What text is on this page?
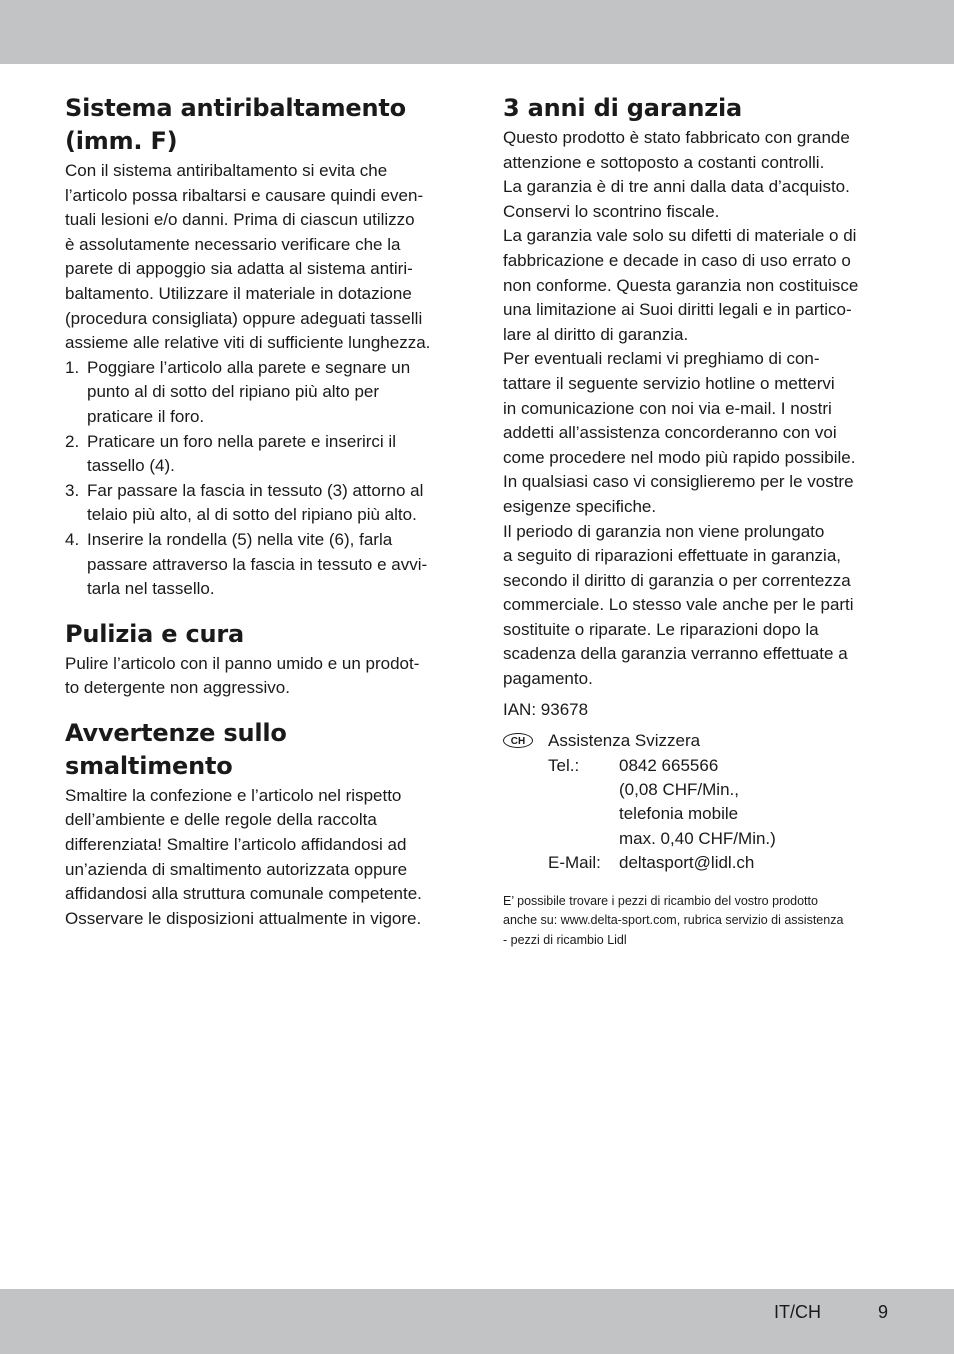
Sistema antiribaltamento
(imm. F)

Con il sistema antiribaltamento si evita che
l’articolo possa ribaltarsi e causare quindi even-
tuali lesioni e/o danni. Prima di ciascun utilizzo
è assolutamente necessario verificare che la
parete di appoggio sia adatta al sistema antiri-
baltamento. Utilizzare il materiale in dotazione
(procedura consigliata) oppure adeguati tasselli
assieme alle relative viti di sufficiente lunghezza.

1. Poggiare l’articolo alla parete e segnare un
punto al di sotto del ripiano più alto per
praticare il foro.
2. Praticare un foro nella parete e inserirci il
tassello (4).
3. Far passare la fascia in tessuto (3) attorno al
telaio più alto, al di sotto del ripiano più alto.
4. Inserire la rondella (5) nella vite (6), farla
passare attraverso la fascia in tessuto e avvi-
tarla nel tassello.
Pulizia e cura

Pulire l’articolo con il panno umido e un prodot-
to detergente non aggressivo.

Avvertenze sullo smaltimento

Smaltire la confezione e l’articolo nel rispetto
dell’ambiente e delle regole della raccolta
differenziata! Smaltire l’articolo affidandosi ad
un’azienda di smaltimento autorizzata oppure
affidandosi alla struttura comunale competente.
Osservare le disposizioni attualmente in vigore.

3 anni di garanzia

Questo prodotto è stato fabbricato con grande
attenzione e sottoposto a costanti controlli.
La garanzia è di tre anni dalla data d’acquisto.
Conservi lo scontrino fiscale.
La garanzia vale solo su difetti di materiale o di
fabbricazione e decade in caso di uso errato o
non conforme. Questa garanzia non costituisce
una limitazione ai Suoi diritti legali e in partico-
lare al diritto di garanzia.
Per eventuali reclami vi preghiamo di con-
tattare il seguente servizio hotline o mettervi
in comunicazione con noi via e-mail. I nostri
addetti all’assistenza concorderanno con voi
come procedere nel modo più rapido possibile.
In qualsiasi caso vi consiglieremo per le vostre
esigenze specifiche.
Il periodo di garanzia non viene prolungato
a seguito di riparazioni effettuate in garanzia,
secondo il diritto di garanzia o per correntezza
commerciale. Lo stesso vale anche per le parti
sostituite o riparate. Le riparazioni dopo la
scadenza della garanzia verranno effettuate a
pagamento.

IAN: 93678

CH	Assistenza Svizzera
Tel.:	0842 665566
(0,08 CHF/Min.,
telefonia mobile
max. 0,40 CHF/Min.)
E-Mail:	deltasport@lidl.ch

E’ possibile trovare i pezzi di ricambio del vostro prodotto
anche su: www.delta-sport.com, rubrica servizio di assistenza
- pezzi di ricambio Lidl

IT/CH	9
